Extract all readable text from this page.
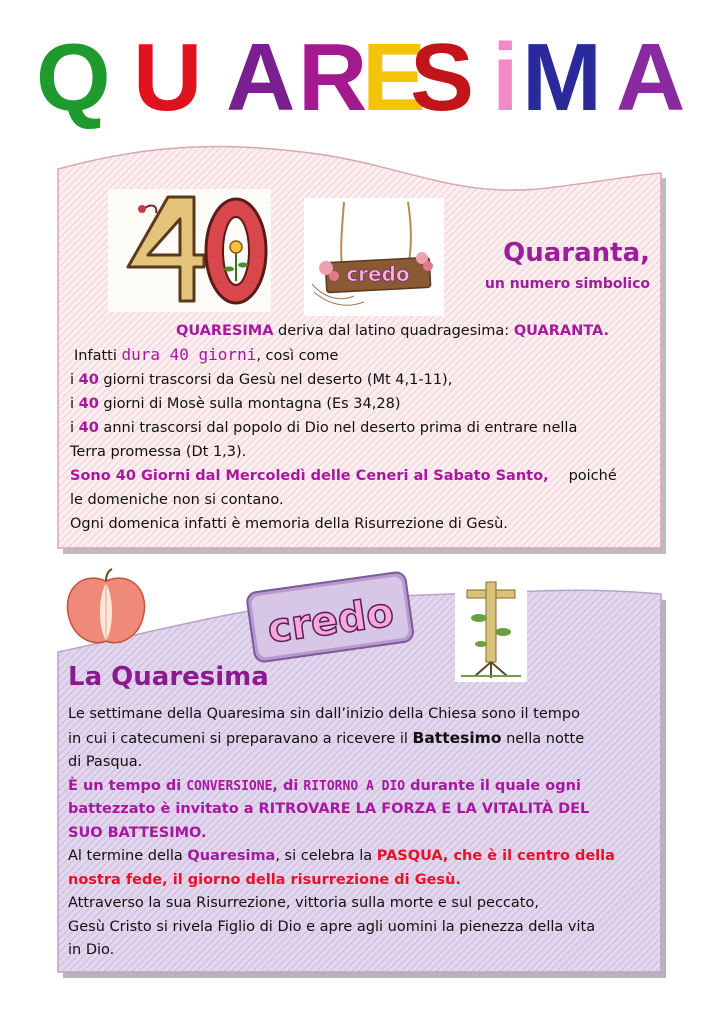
Q U A R
E
S i M A
credo
Quaranta,
un numero simbolico
QUARESIMA deriva dal latino quadragesima: QUARANTA.
Infatti dura 40 giorni, così come
i 40 giorni trascorsi da Gesù nel deserto (Mt 4,1-11),
i 40 giorni di Mosè sulla montagna (Es 34,28)
i 40 anni trascorsi dal popolo di Dio nel deserto prima di entrare nella
Terra promessa (Dt 1,3).
Sono 40 Giorni dal Mercoledì delle Ceneri al Sabato Santo, poiché
le domeniche non si contano.
Ogni domenica infatti è memoria della Risurrezione di Gesù.
credo
La Quaresima
Le settimane della Quaresima sin dall’inizio della Chiesa sono il tempo
in cui i catecumeni si preparavano a ricevere il Battesimo nella notte
di Pasqua.
È un tempo di CONVERSIONE, di RITORNO A DIO durante il quale ogni
battezzato è invitato a RITROVARE LA FORZA E LA VITALITÀ DEL
SUO BATTESIMO.
Al termine della Quaresima, si celebra la PASQUA, che è il centro della
nostra fede, il giorno della risurrezione di Gesù.
Attraverso la sua Risurrezione, vittoria sulla morte e sul peccato,
Gesù Cristo si rivela Figlio di Dio e apre agli uomini la pienezza della vita
in Dio.
